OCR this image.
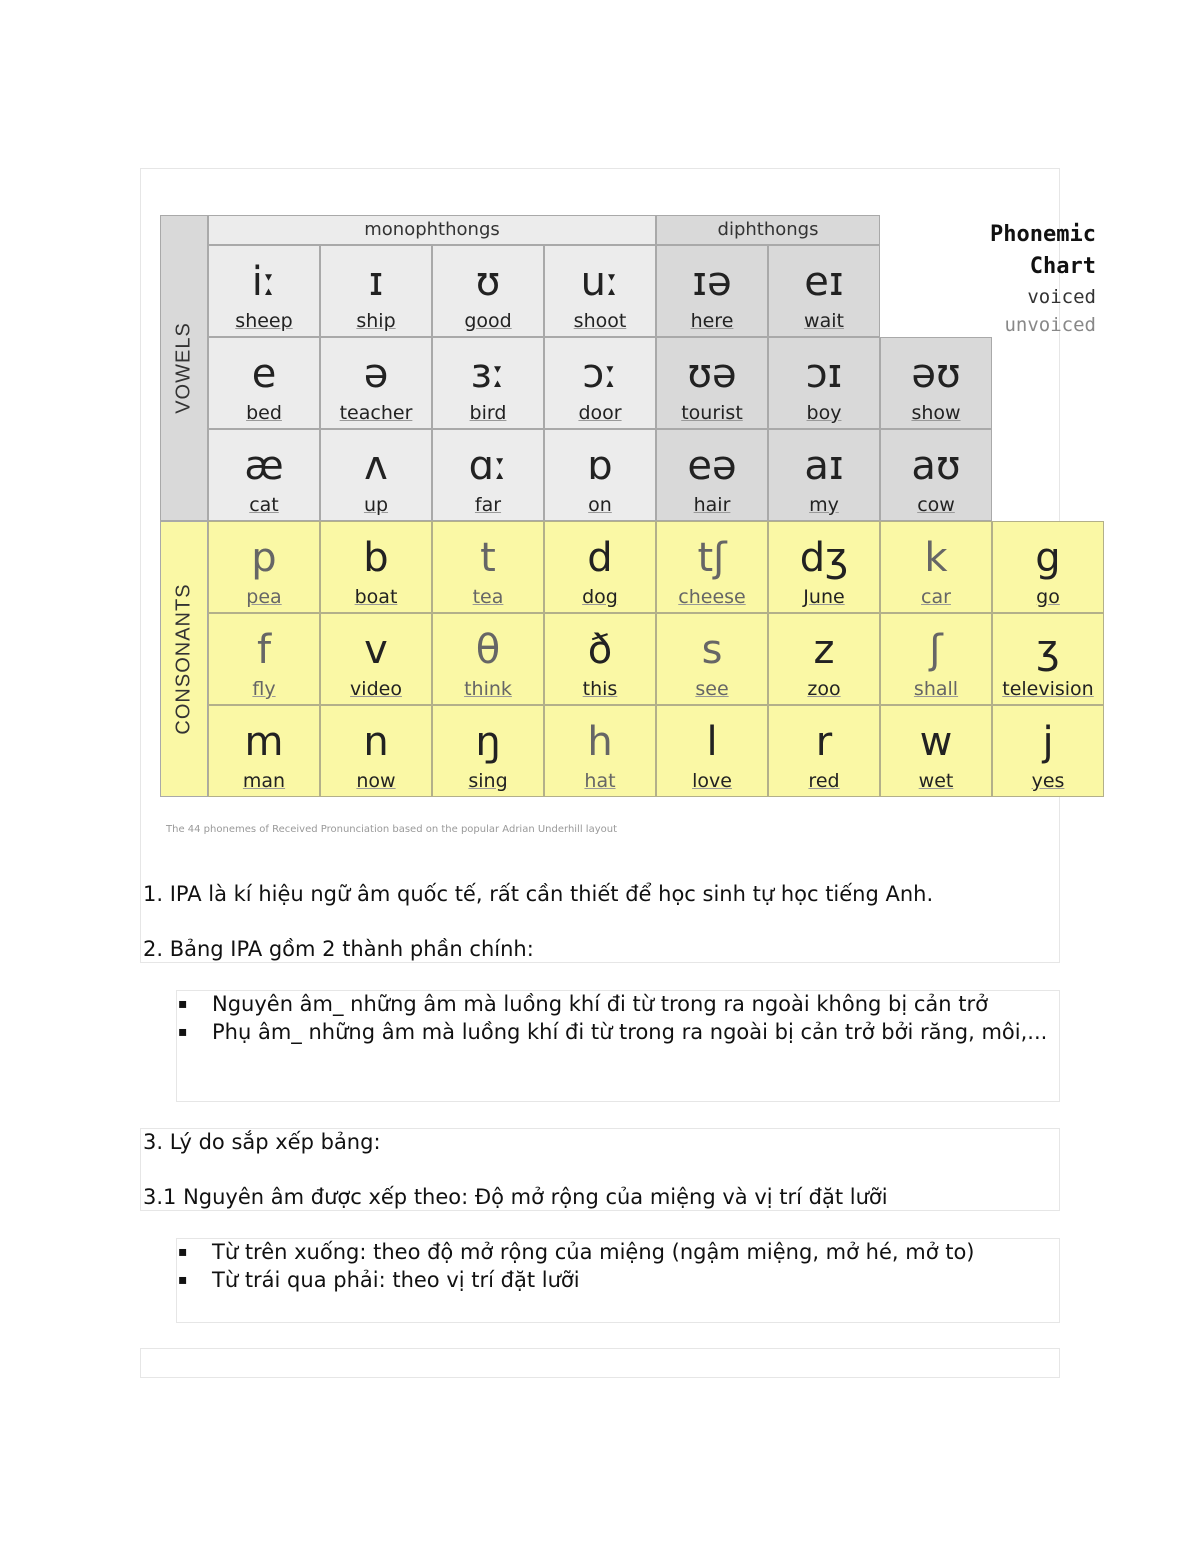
monophthongs	diphthongs
VOWELS
CONSONANTS
iː
sheep
ɪ
ship
ʊ
good
uː
shoot
ɪə
here
eɪ
wait
e
bed
ə
teacher
ɜː
bird
ɔː
door
ʊə
tourist
ɔɪ
boy
əʊ
show
æ
cat
ʌ
up
ɑː
far
ɒ
on
eə
hair
aɪ
my
aʊ
cow
p
pea
b
boat
t
tea
d
dog
tʃ
cheese
dʒ
June
k
car
g
go
f
fly
v
video
θ
think
ð
this
s
see
z
zoo
ʃ
shall
ʒ
television
m
man
n
now
ŋ
sing
h
hat
l
love
r
red
w
wet
j
yes
Phonemic
Chart
voiced
unvoiced
The 44 phonemes of Received Pronunciation based on the popular Adrian Underhill layout
1. IPA là kí hiệu ngữ âm quốc tế, rất cần thiết để học sinh tự học tiếng Anh.
2. Bảng IPA gồm 2 thành phần chính:
▪ Nguyên âm_ những âm mà luồng khí đi từ trong ra ngoài không bị cản trở
▪ Phụ âm_ những âm mà luồng khí đi từ trong ra ngoài bị cản trở bởi răng, môi,...
3. Lý do sắp xếp bảng:
3.1 Nguyên âm được xếp theo: Độ mở rộng của miệng và vị trí đặt lưỡi
▪ Từ trên xuống: theo độ mở rộng của miệng (ngậm miệng, mở hé, mở to)
▪ Từ trái qua phải: theo vị trí đặt lưỡi
